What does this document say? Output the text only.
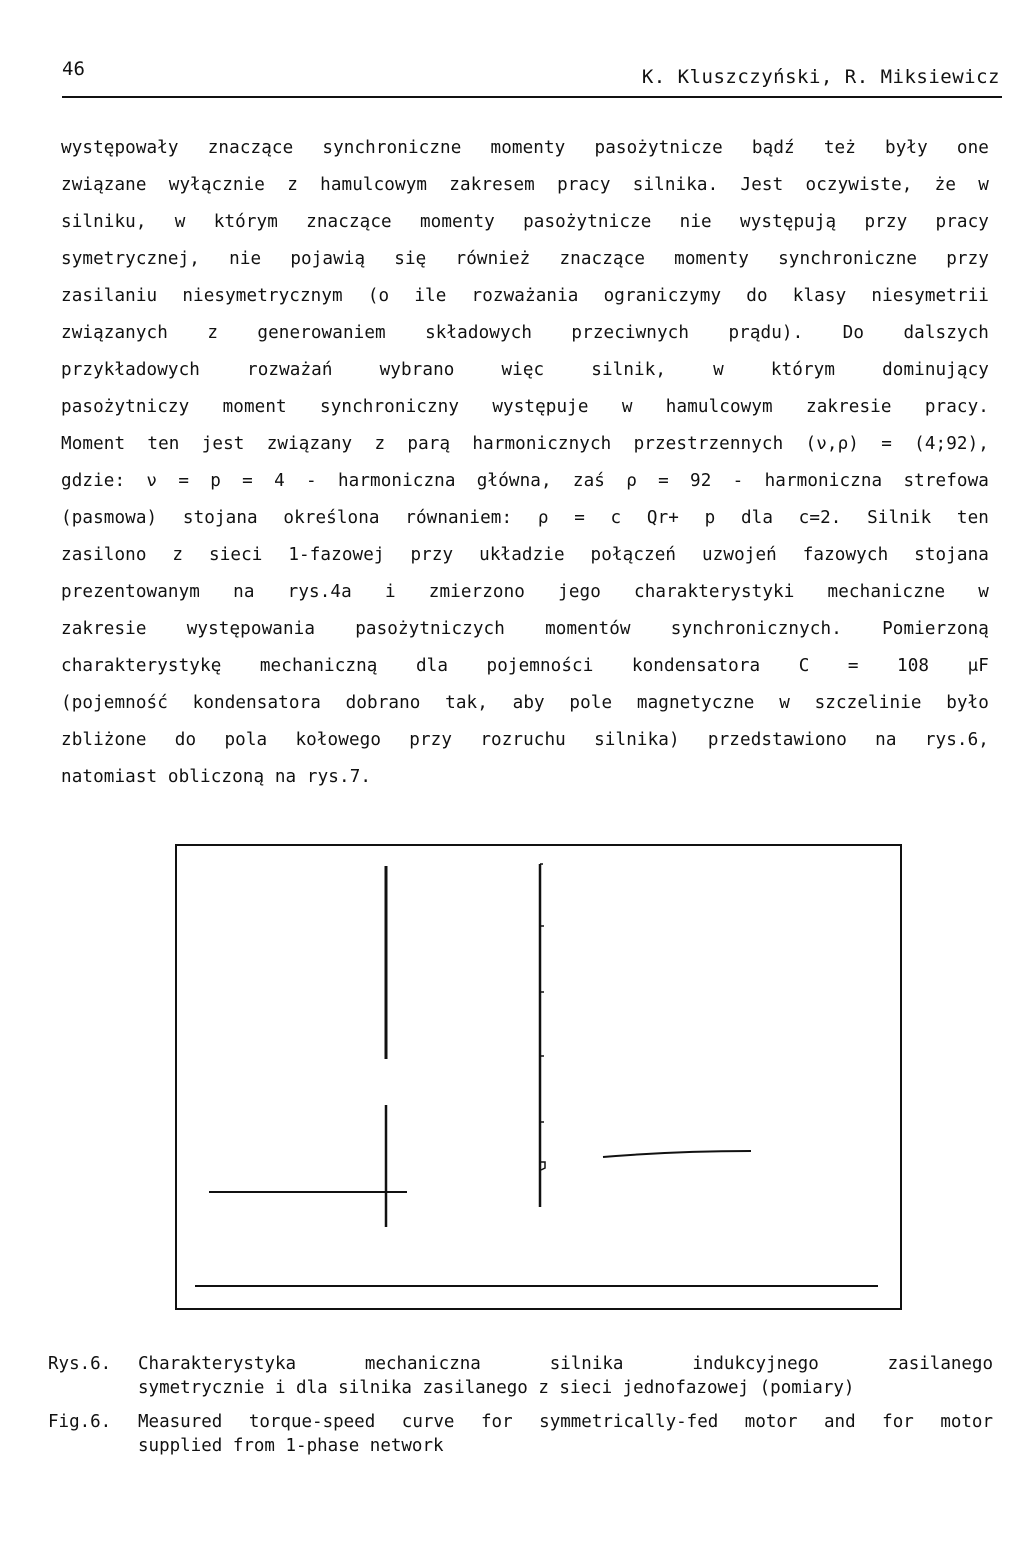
46	K. Kluszczyński, R. Miksiewicz
występowały znaczące synchroniczne momenty pasożytnicze bądź też były one
związane wyłącznie z hamulcowym zakresem pracy silnika. Jest oczywiste, że w
silniku, w którym znaczące momenty pasożytnicze nie występują przy pracy
symetrycznej, nie pojawią się również znaczące momenty synchroniczne przy
zasilaniu niesymetrycznym (o ile rozważania ograniczymy do klasy niesymetrii
związanych z generowaniem składowych przeciwnych prądu). Do dalszych
przykładowych rozważań wybrano więc silnik, w którym dominujący
pasożytniczy moment synchroniczny występuje w hamulcowym zakresie pracy.
Moment ten jest związany z parą harmonicznych przestrzennych (ν,ρ) = (4;92),
gdzie: ν = p = 4 - harmoniczna główna, zaś ρ = 92 - harmoniczna strefowa
(pasmowa) stojana określona równaniem: ρ = c Qr+ p dla c=2. Silnik ten
zasilono z sieci 1-fazowej przy układzie połączeń uzwojeń fazowych stojana
prezentowanym na rys.4a i zmierzono jego charakterystyki mechaniczne w
zakresie występowania pasożytniczych momentów synchronicznych. Pomierzoną
charakterystykę mechaniczną dla pojemności kondensatora C = 108 μF
(pojemność kondensatora dobrano tak, aby pole magnetyczne w szczelinie było
zbliżone do pola kołowego przy rozruchu silnika) przedstawiono na rys.6,
natomiast obliczoną na rys.7.
Rys.6. Charakterystyka mechaniczna silnika indukcyjnego zasilanego
symetrycznie i dla silnika zasilanego z sieci jednofazowej (pomiary)
Fig.6. Measured torque-speed curve for symmetrically-fed motor and for motor
supplied from 1-phase network
